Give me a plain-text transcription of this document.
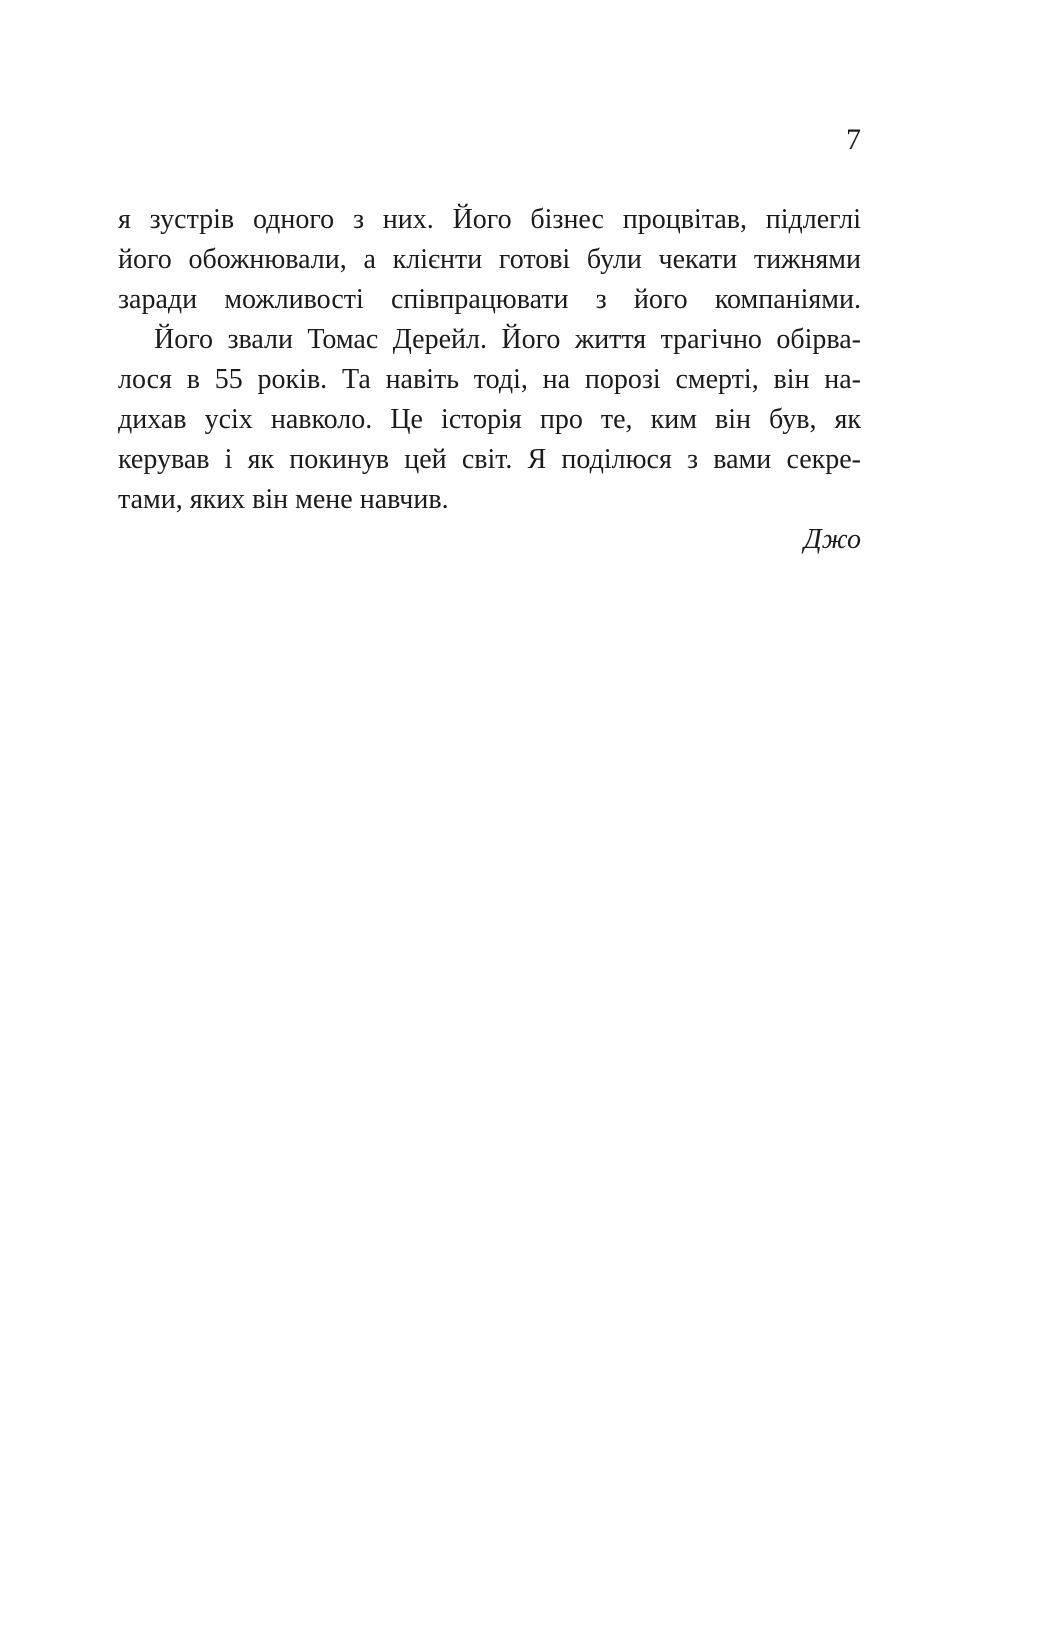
7

я зустрів одного з них. Його бізнес процвітав, підлеглі
його обожнювали, а клієнти готові були чекати тижнями
заради можливості співпрацювати з його компаніями.

Його звали Томас Дерейл. Його життя трагічно обірва-
лося в 55 років. Та навіть тоді, на порозі смерті, він на-
дихав усіх навколо. Це історія про те, ким він був, як
керував і як покинув цей світ. Я поділюся з вами секре-
тами, яких він мене навчив.

Джо
